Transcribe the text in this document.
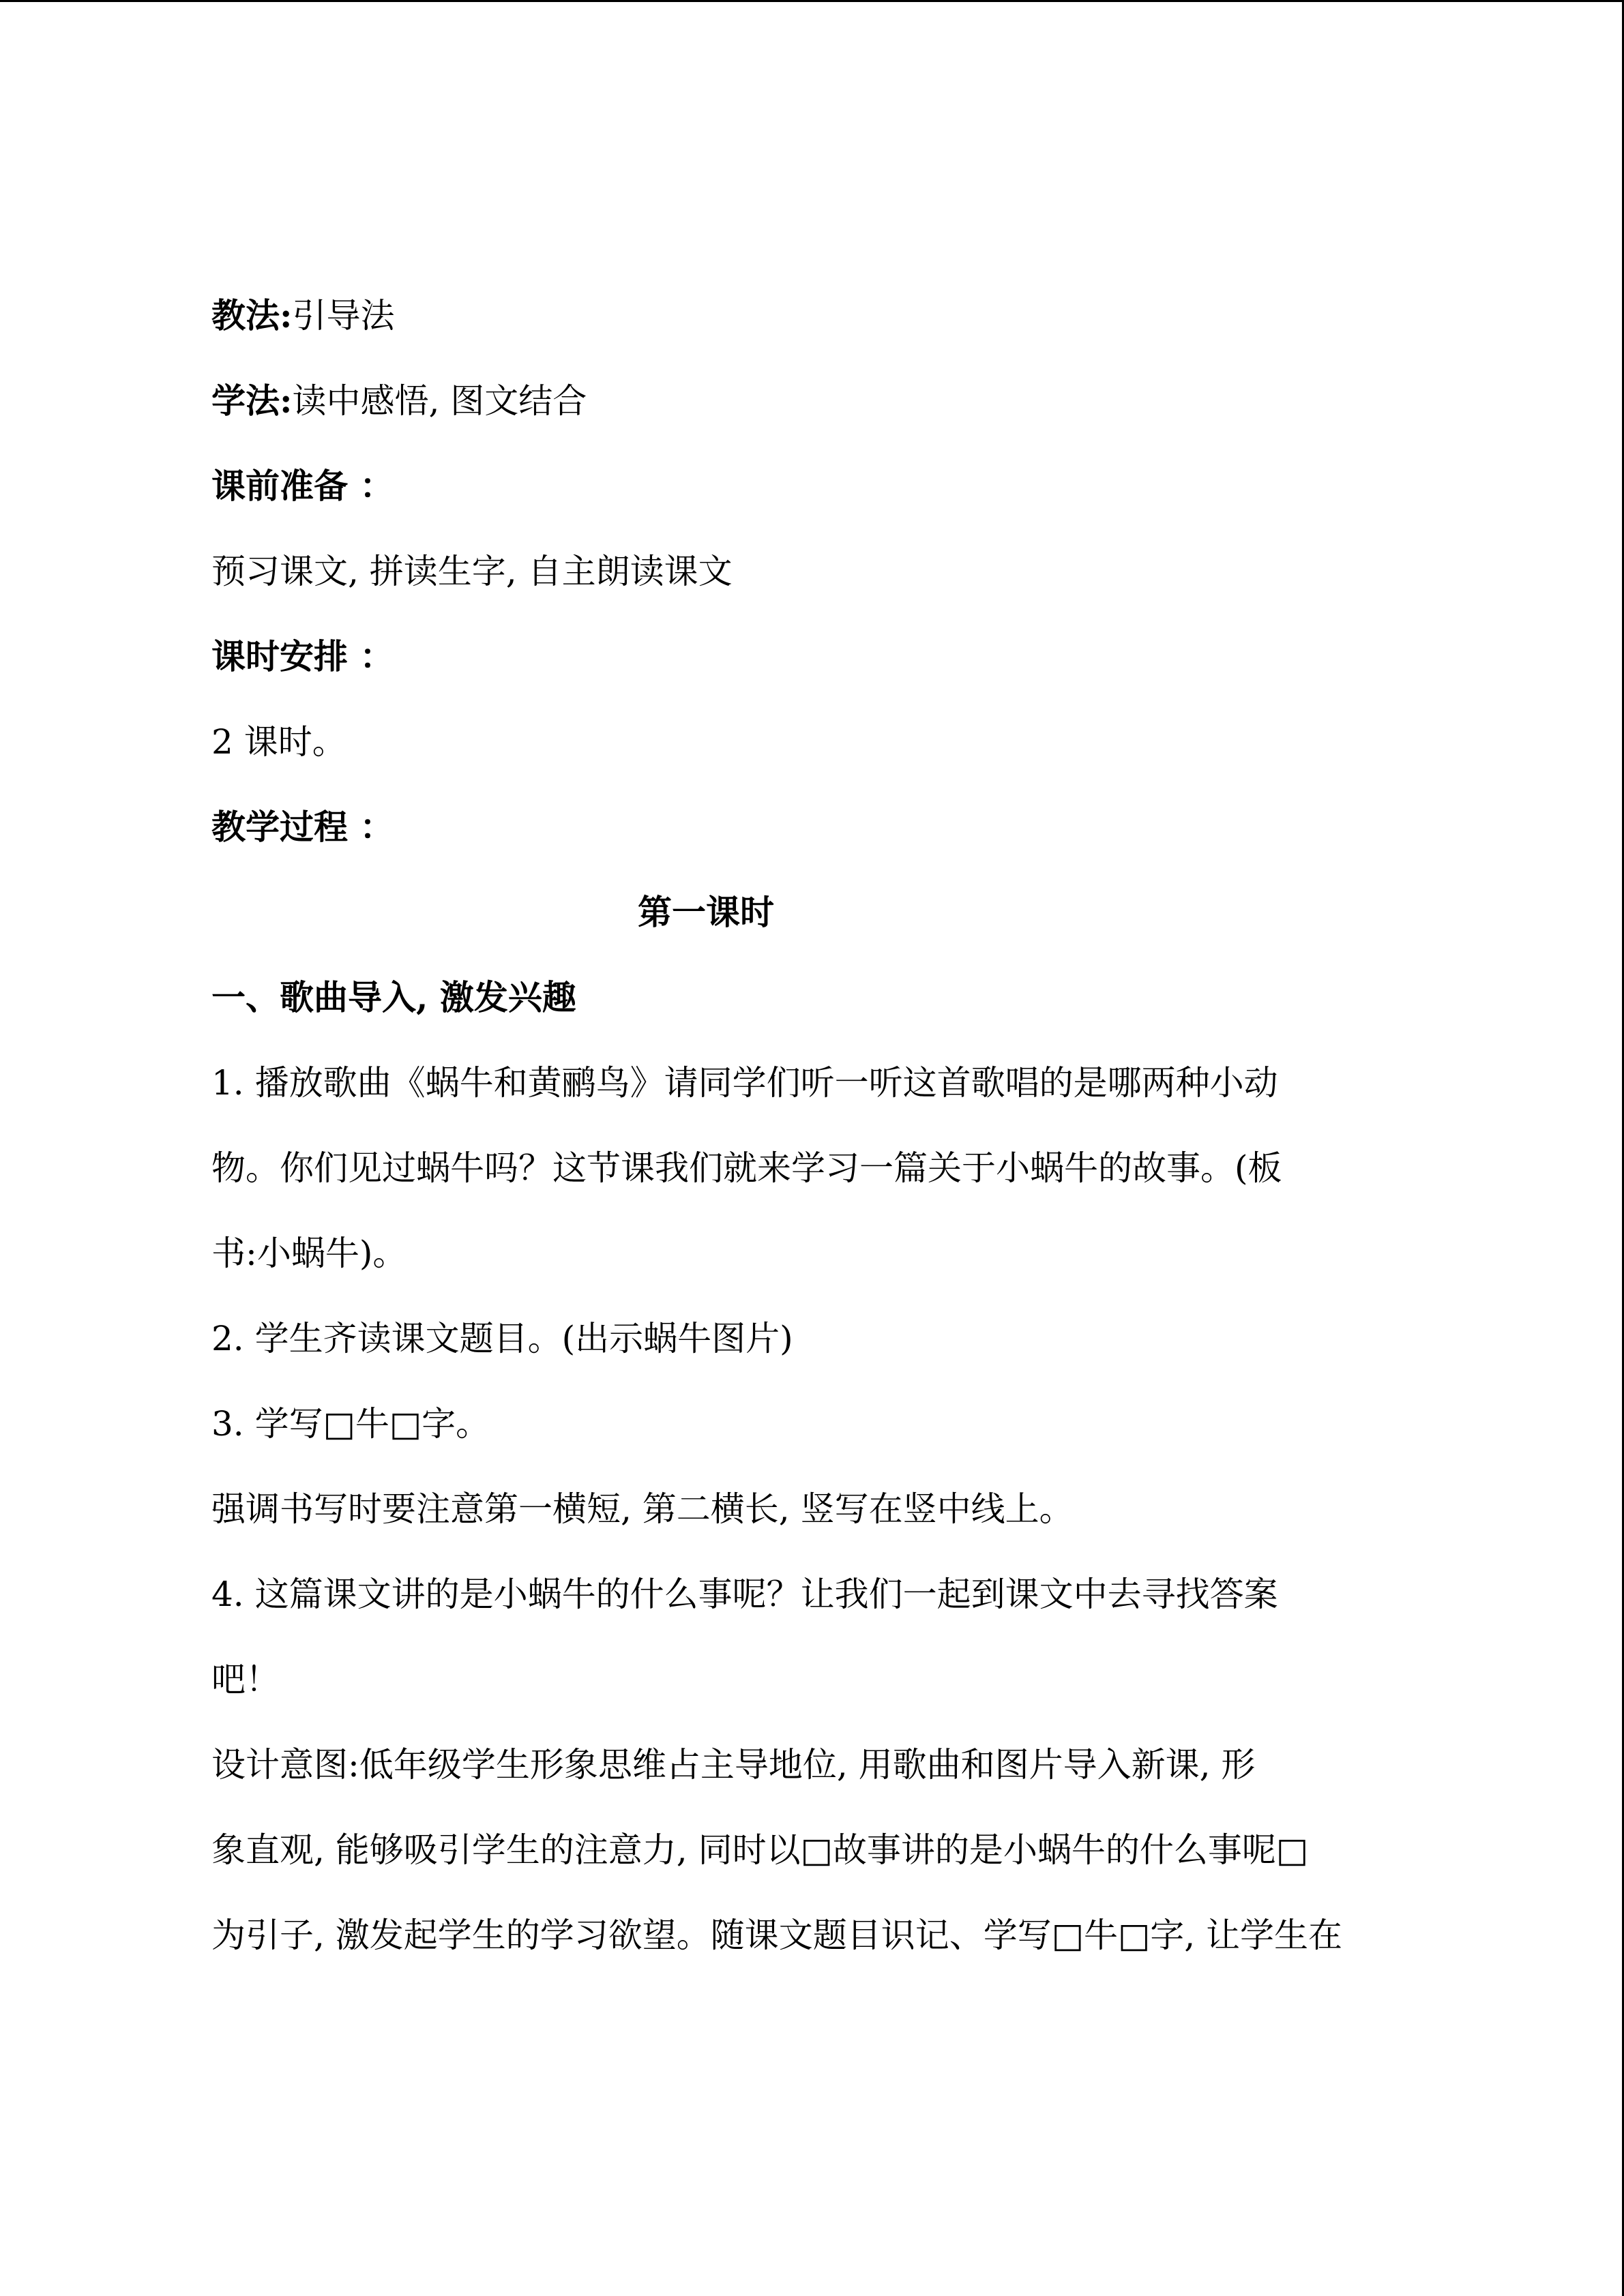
教法:引导法

学法:读中感悟, 图文结合

课前准备 ：

预习课文, 拼读生字, 自主朗读课文

课时安排 ：

2 课时。

教学过程 ：

第一课时

一、歌曲导入, 激发兴趣

1. 播放歌曲《蜗牛和黄鹂鸟》请同学们听一听这首歌唱的是哪两种小动

物。你们见过蜗牛吗？这节课我们就来学习一篇关于小蜗牛的故事。(板

书:小蜗牛)。

2. 学生齐读课文题目。(出示蜗牛图片)

3. 学写□牛□字。

强调书写时要注意第一横短, 第二横长, 竖写在竖中线上。

4. 这篇课文讲的是小蜗牛的什么事呢？让我们一起到课文中去寻找答案

吧！

设计意图:低年级学生形象思维占主导地位, 用歌曲和图片导入新课, 形

象直观, 能够吸引学生的注意力, 同时以□故事讲的是小蜗牛的什么事呢□

为引子, 激发起学生的学习欲望。随课文题目识记、学写□牛□字, 让学生在
